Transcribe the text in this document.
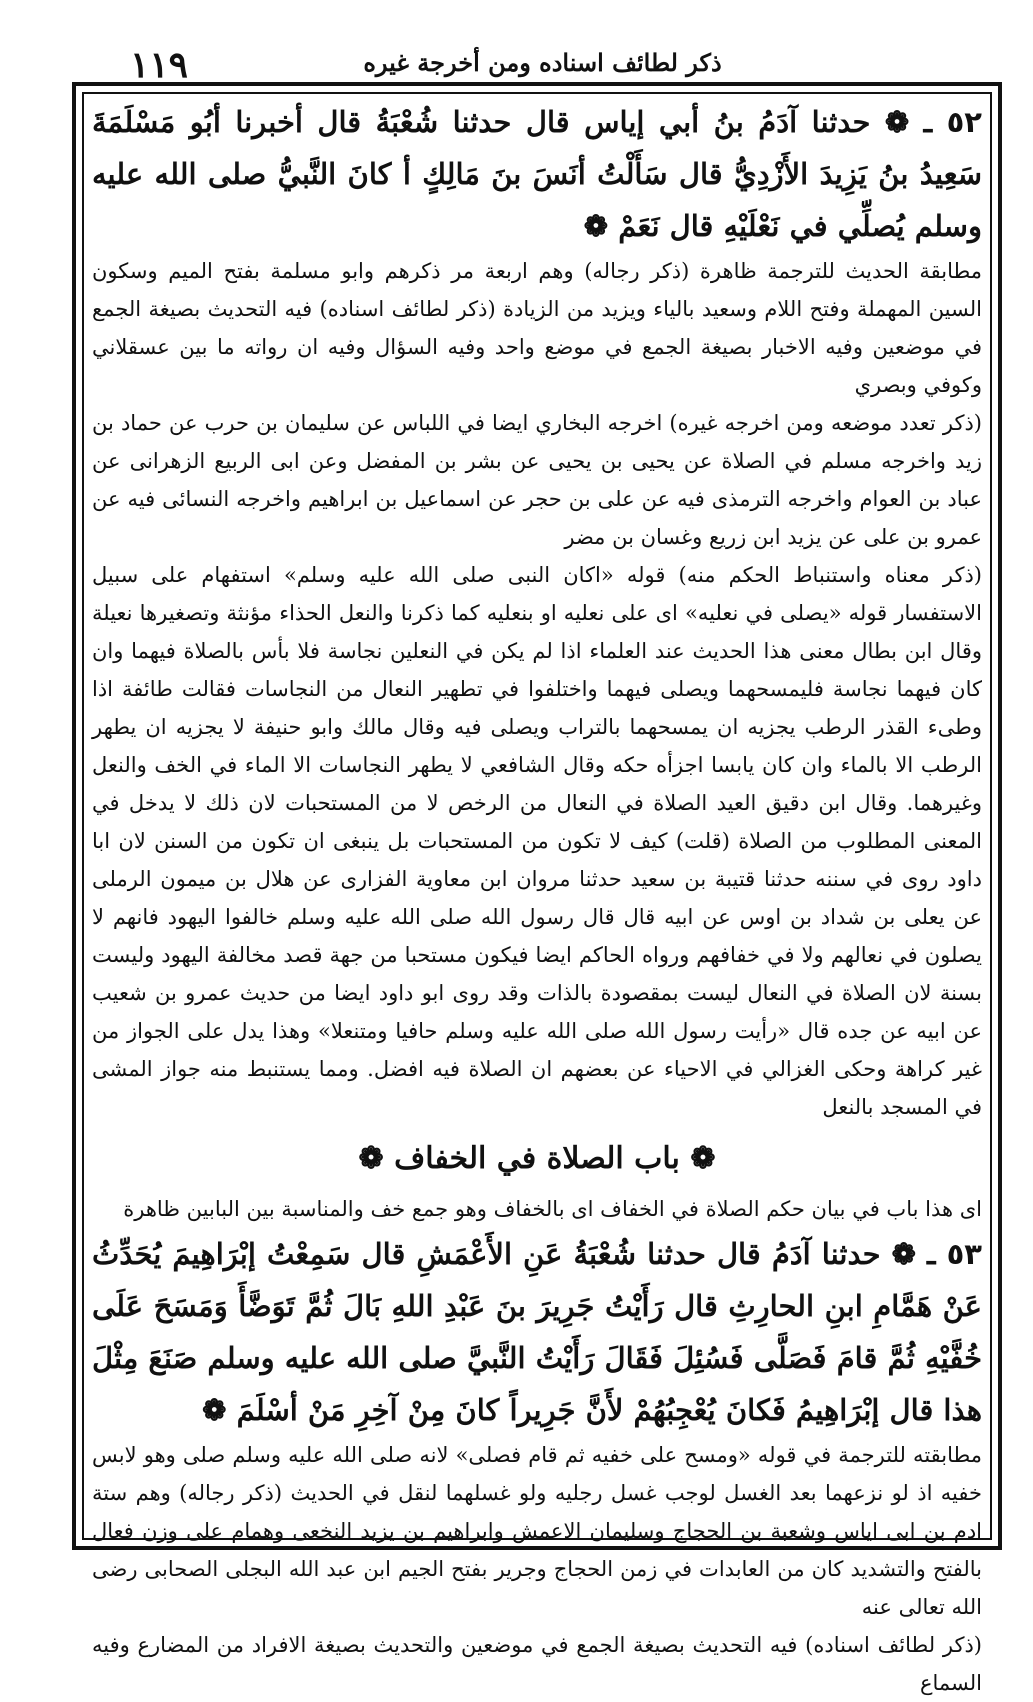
١١٩	ذكر لطائف اسناده ومن أخرجة غيره

٥٢ ـ ❁ حدثنا آدَمُ بنُ أبي إياس قال حدثنا شُعْبَةُ قال أخبرنا أبُو مَسْلَمَةَ سَعِيدُ بنُ يَزِيدَ الأَزْدِيُّ قال سَأَلْتُ أنَسَ بنَ مَالِكٍ أ كانَ النَّبيُّ صلى الله عليه وسلم يُصلِّي في نَعْلَيْهِ قال نَعَمْ ❁

مطابقة الحديث للترجمة ظاهرة (ذكر رجاله) وهم اربعة مر ذكرهم وابو مسلمة بفتح الميم وسكون السين المهملة وفتح اللام وسعيد بالياء ويزيد من الزيادة (ذكر لطائف اسناده) فيه التحديث بصيغة الجمع في موضعين وفيه الاخبار بصيغة الجمع في موضع واحد وفيه السؤال وفيه ان رواته ما بين عسقلاني وكوفي وبصري

(ذكر تعدد موضعه ومن اخرجه غيره) اخرجه البخاري ايضا في اللباس عن سليمان بن حرب عن حماد بن زيد واخرجه مسلم في الصلاة عن يحيى بن يحيى عن بشر بن المفضل وعن ابى الربيع الزهرانى عن عباد بن العوام واخرجه الترمذى فيه عن على بن حجر عن اسماعيل بن ابراهيم واخرجه النسائى فيه عن عمرو بن على عن يزيد ابن زريع وغسان بن مضر

(ذكر معناه واستنباط الحكم منه) قوله «اكان النبى صلى الله عليه وسلم» استفهام على سبيل الاستفسار قوله «يصلى في نعليه» اى على نعليه او بنعليه كما ذكرنا والنعل الحذاء مؤنثة وتصغيرها نعيلة وقال ابن بطال معنى هذا الحديث عند العلماء اذا لم يكن في النعلين نجاسة فلا بأس بالصلاة فيهما وان كان فيهما نجاسة فليمسحهما ويصلى فيهما واختلفوا في تطهير النعال من النجاسات فقالت طائفة اذا وطىء القذر الرطب يجزيه ان يمسحهما بالتراب ويصلى فيه وقال مالك وابو حنيفة لا يجزيه ان يطهر الرطب الا بالماء وان كان يابسا اجزأه حكه وقال الشافعي لا يطهر النجاسات الا الماء في الخف والنعل وغيرهما. وقال ابن دقيق العيد الصلاة في النعال من الرخص لا من المستحبات لان ذلك لا يدخل في المعنى المطلوب من الصلاة (قلت) كيف لا تكون من المستحبات بل ينبغى ان تكون من السنن لان ابا داود روى في سننه حدثنا قتيبة بن سعيد حدثنا مروان ابن معاوية الفزارى عن هلال بن ميمون الرملى عن يعلى بن شداد بن اوس عن ابيه قال قال رسول الله صلى الله عليه وسلم خالفوا اليهود فانهم لا يصلون في نعالهم ولا في خفافهم ورواه الحاكم ايضا فيكون مستحبا من جهة قصد مخالفة اليهود وليست بسنة لان الصلاة في النعال ليست بمقصودة بالذات وقد روى ابو داود ايضا من حديث عمرو بن شعيب عن ابيه عن جده قال «رأيت رسول الله صلى الله عليه وسلم حافيا ومتنعلا» وهذا يدل على الجواز من غير كراهة وحكى الغزالي في الاحياء عن بعضهم ان الصلاة فيه افضل. ومما يستنبط منه جواز المشى في المسجد بالنعل

❁ باب الصلاة في الخفاف ❁

اى هذا باب في بيان حكم الصلاة في الخفاف اى بالخفاف وهو جمع خف والمناسبة بين البابين ظاهرة

٥٣ ـ ❁ حدثنا آدَمُ قال حدثنا شُعْبَةُ عَنِ الأَعْمَشِ قال سَمِعْتُ إبْرَاهِيمَ يُحَدِّثُ عَنْ هَمَّامِ ابنِ الحارِثِ قال رَأَيْتُ جَرِيرَ بنَ عَبْدِ اللهِ بَالَ ثُمَّ تَوَضَّأَ وَمَسَحَ عَلَى خُفَّيْهِ ثُمَّ قامَ فَصَلَّى فَسُئِلَ فَقَالَ رَأَيْتُ النَّبيَّ صلى الله عليه وسلم صَنَعَ مِثْلَ هذا قال إبْرَاهِيمُ فَكانَ يُعْجِبُهُمْ لأَنَّ جَرِيراً كانَ مِنْ آخِرِ مَنْ أسْلَمَ ❁

مطابقته للترجمة في قوله «ومسح على خفيه ثم قام فصلى» لانه صلى الله عليه وسلم صلى وهو لابس خفيه اذ لو نزعهما بعد الغسل لوجب غسل رجليه ولو غسلهما لنقل في الحديث (ذكر رجاله) وهم ستة ادم بن ابى اياس وشعبة بن الحجاج وسليمان الاعمش وابراهيم بن يزيد النخعى وهمام على وزن فعال بالفتح والتشديد كان من العابدات في زمن الحجاج وجرير بفتح الجيم ابن عبد الله البجلى الصحابى رضى الله تعالى عنه

(ذكر لطائف اسناده) فيه التحديث بصيغة الجمع في موضعين والتحديث بصيغة الافراد من المضارع وفيه السماع
